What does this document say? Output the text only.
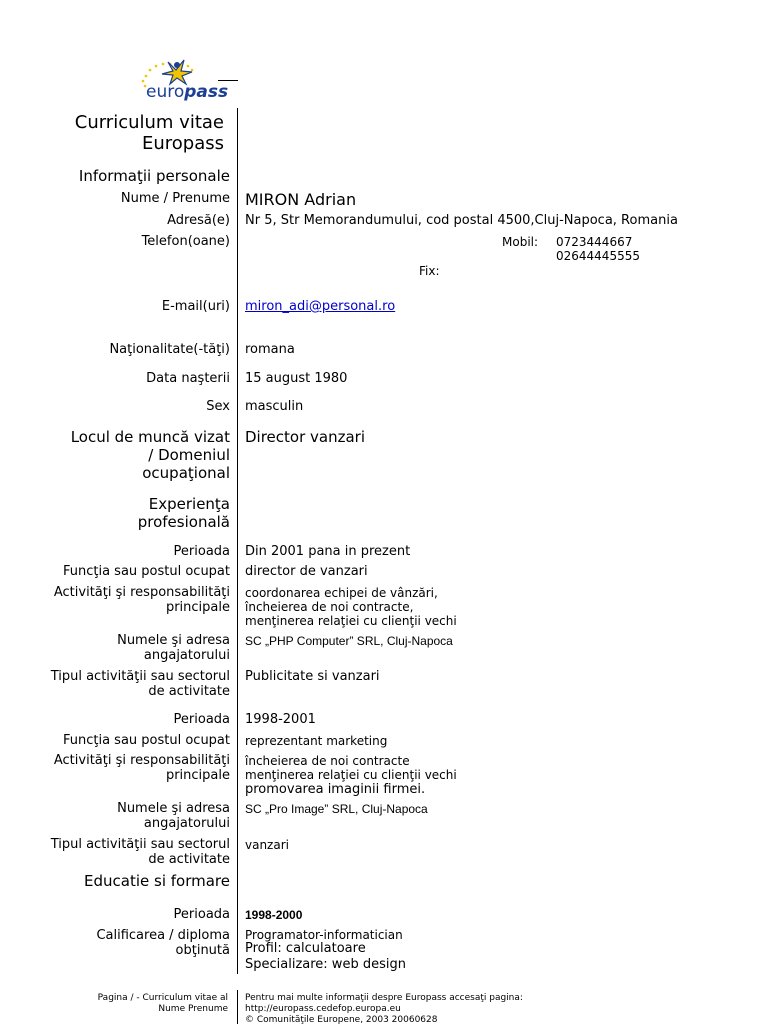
europass
Curriculum vitae
Europass
Informaţii personale
Nume / Prenume MIRON Adrian
Adresă(e) Nr 5, Str Memorandumului, cod postal 4500,Cluj-Napoca, Romania
Telefon(oane)	Mobil: 0723444667
02644445555
Fix:
E-mail(uri) miron_adi@personal.ro
Naţionalitate(-tăţi) romana
Data naşterii 15 august 1980
Sex masculin
Locul de muncă vizat
/ Domeniul
ocupaţional
Director vanzari
Experienţa
profesională
Perioada Din 2001 pana in prezent
Funcţia sau postul ocupat director de vanzari
Activităţi şi responsabilităţi
principale
coordonarea echipei de vânzări,
încheierea de noi contracte,
menţinerea relaţiei cu clienţii vechi
Numele şi adresa
angajatorului
SC „PHP Computer” SRL, Cluj-Napoca
Tipul activităţii sau sectorul
de activitate
Publicitate si vanzari
Perioada 1998-2001
Funcţia sau postul ocupat reprezentant marketing
Activităţi şi responsabilităţi
principale
încheierea de noi contracte
menţinerea relaţiei cu clienţii vechi
promovarea imaginii firmei.
Numele şi adresa
angajatorului
SC „Pro Image” SRL, Cluj-Napoca
Tipul activităţii sau sectorul
de activitate
vanzari
Educatie si formare
Perioada 1998-2000
Calificarea / diploma
obţinută
Programator-informatician
Profil: calculatoare
Specializare: web design
Pagina / - Curriculum vitae al
Nume Prenume
Pentru mai multe informaţii despre Europass accesaţi pagina:
http://europass.cedefop.europa.eu
© Comunităţile Europene, 2003 20060628
